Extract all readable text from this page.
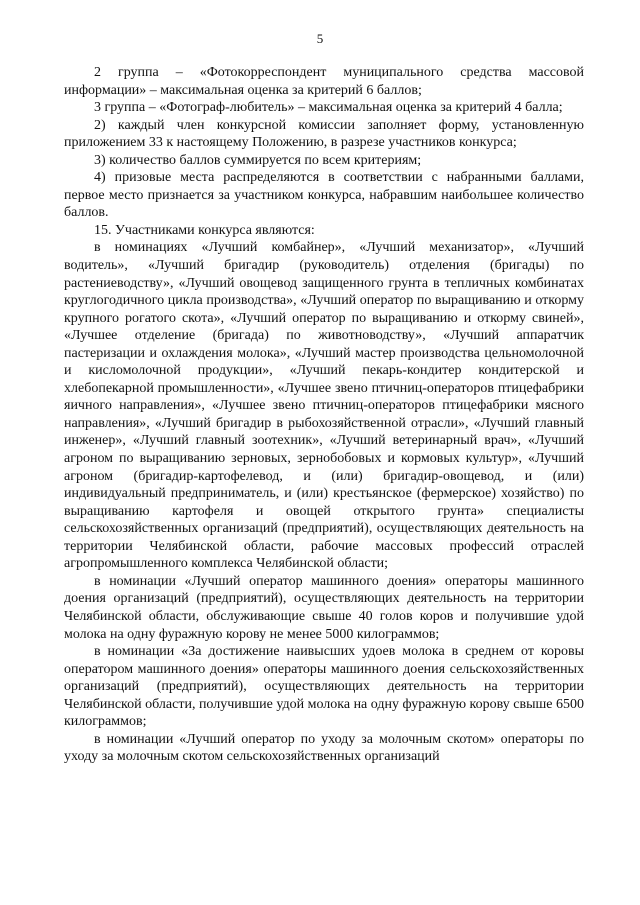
5

2 группа – «Фотокорреспондент муниципального средства массовой информации» – максимальная оценка за критерий 6 баллов;

3 группа – «Фотограф-любитель» – максимальная оценка за критерий 4 балла;

2) каждый член конкурсной комиссии заполняет форму, установленную приложением 33 к настоящему Положению, в разрезе участников конкурса;

3) количество баллов суммируется по всем критериям;

4) призовые места распределяются в соответствии с набранными баллами, первое место признается за участником конкурса, набравшим наибольшее количество баллов.

15. Участниками конкурса являются:

в номинациях «Лучший комбайнер», «Лучший механизатор», «Лучший водитель», «Лучший бригадир (руководитель) отделения (бригады) по растениеводству», «Лучший овощевод защищенного грунта в тепличных комбинатах круглогодичного цикла производства», «Лучший оператор по выращиванию и откорму крупного рогатого скота», «Лучший оператор по выращиванию и откорму свиней», «Лучшее отделение (бригада) по животноводству», «Лучший аппаратчик пастеризации и охлаждения молока», «Лучший мастер производства цельномолочной и кисломолочной продукции», «Лучший пекарь-кондитер кондитерской и хлебопекарной промышленности», «Лучшее звено птичниц-операторов птицефабрики яичного направления», «Лучшее звено птичниц-операторов птицефабрики мясного направления», «Лучший бригадир в рыбохозяйственной отрасли», «Лучший главный инженер», «Лучший главный зоотехник», «Лучший ветеринарный врач», «Лучший агроном по выращиванию зерновых, зернобобовых и кормовых культур», «Лучший агроном (бригадир-картофелевод, и (или) бригадир-овощевод, и (или) индивидуальный предприниматель, и (или) крестьянское (фермерское) хозяйство) по выращиванию картофеля и овощей открытого грунта» специалисты сельскохозяйственных организаций (предприятий), осуществляющих деятельность на территории Челябинской области, рабочие массовых профессий отраслей агропромышленного комплекса Челябинской области;

в номинации «Лучший оператор машинного доения» операторы машинного доения организаций (предприятий), осуществляющих деятельность на территории Челябинской области, обслуживающие свыше 40 голов коров и получившие удой молока на одну фуражную корову не менее 5000 килограммов;

в номинации «За достижение наивысших удоев молока в среднем от коровы оператором машинного доения» операторы машинного доения сельскохозяйственных организаций (предприятий), осуществляющих деятельность на территории Челябинской области, получившие удой молока на одну фуражную корову свыше 6500 килограммов;

в номинации «Лучший оператор по уходу за молочным скотом» операторы по уходу за молочным скотом сельскохозяйственных организаций
